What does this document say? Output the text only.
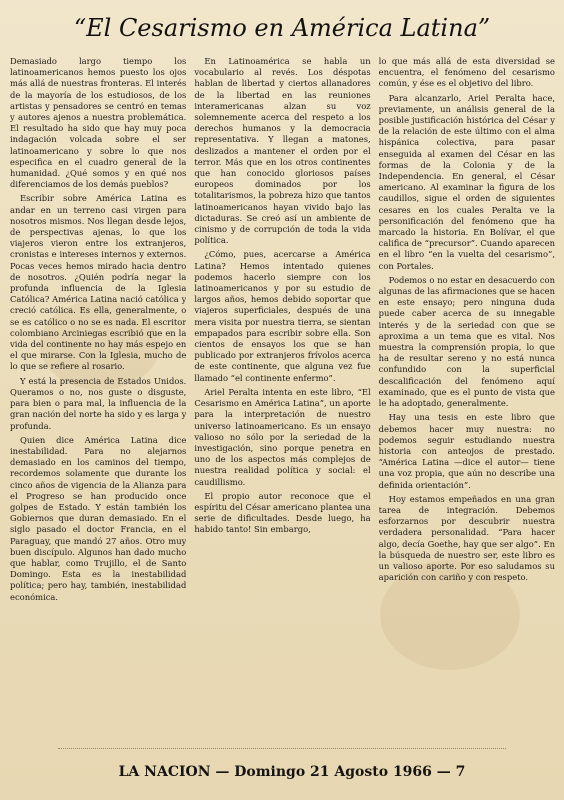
“El Cesarismo en América Latina”

Demasiado largo tiempo los latinoamericanos hemos puesto los ojos más allá de nuestras fronteras. El interés de la mayoría de los estudiosos, de los artistas y pensadores se centró en temas y autores ajenos a nuestra problemática. El resultado ha sido que hay muy poca indagación volcada sobre el ser latinoamericano y sobre lo que nos especifica en el cuadro general de la humanidad. ¿Qué somos y en qué nos diferenciamos de los demás pueblos?

Escribir sobre América Latina es andar en un terreno casi virgen para nosotros mismos. Nos llegan desde lejos, de perspectivas ajenas, lo que los viajeros vieron entre los extranjeros, cronistas e intereses internos y externos. Pocas veces hemos mirado hacia dentro de nosotros. ¿Quién podría negar la profunda influencia de la Iglesia Católica? América Latina nació católica y creció católica. Es ella, generalmente, o se es católico o no se es nada. El escritor colombiano Arciniegas escribió que en la vida del continente no hay más espejo en el que mirarse. Con la Iglesia, mucho de lo que se refiere al rosario.

Y está la presencia de Estados Unidos. Queramos o no, nos guste o disguste, para bien o para mal, la influencia de la gran nación del norte ha sido y es larga y profunda.

Quien dice América Latina dice inestabilidad. Para no alejarnos demasiado en los caminos del tiempo, recordemos solamente que durante los cinco años de vigencia de la Alianza para el Progreso se han producido once golpes de Estado. Y están también los Gobiernos que duran demasiado. En el siglo pasado el doctor Francia, en el Paraguay, que mandó 27 años. Otro muy buen discípulo. Algunos han dado mucho que hablar, como Trujillo, el de Santo Domingo. Esta es la inestabilidad política; pero hay, también, inestabilidad económica.

En Latinoamérica se habla un vocabulario al revés. Los déspotas hablan de libertad y ciertos allanadores de la libertad en las reuniones interamericanas alzan su voz solemnemente acerca del respeto a los derechos humanos y la democracia representativa. Y llegan a matones, deslizados a mantener el orden por el terror. Más que en los otros continentes que han conocido gloriosos países europeos dominados por los totalitarismos, la pobreza hizo que tantos latinoamericanos hayan vivido bajo las dictaduras. Se creó así un ambiente de cinismo y de corrupción de toda la vida política.

¿Cómo, pues, acercarse a América Latina? Hemos intentado quienes podemos hacerlo siempre con los latinoamericanos y por su estudio de largos años, hemos debido soportar que viajeros superficiales, después de una mera visita por nuestra tierra, se sientan empapados para escribir sobre ella. Son cientos de ensayos los que se han publicado por extranjeros frívolos acerca de este continente, que alguna vez fue llamado “el continente enfermo”.

Ariel Peralta intenta en este libro, “El Cesarismo en América Latina”, un aporte para la interpretación de nuestro universo latinoamericano. Es un ensayo valioso no sólo por la seriedad de la investigación, sino porque penetra en uno de los aspectos más complejos de nuestra realidad política y social: el caudillismo.

El propio autor reconoce que el espíritu del César americano plantea una serie de dificultades. Desde luego, ha habido tanto! Sin embargo,

lo que más allá de esta diversidad se encuentra, el fenómeno del cesarismo común, y ése es el objetivo del libro.

Para alcanzarlo, Ariel Peralta hace, previamente, un análisis general de la posible justificación histórica del César y de la relación de este último con el alma hispánica colectiva, para pasar enseguida al examen del César en las formas de la Colonia y de la Independencia. En general, el César americano. Al examinar la figura de los caudillos, sigue el orden de siguientes cesares en los cuales Peralta ve la personificación del fenómeno que ha marcado la historia. En Bolívar, el que califica de “precursor”. Cuando aparecen en el libro “en la vuelta del cesarismo”, con Portales.

Podemos o no estar en desacuerdo con algunas de las afirmaciones que se hacen en este ensayo; pero ninguna duda puede caber acerca de su innegable interés y de la seriedad con que se aproxima a un tema que es vital. Nos muestra la comprensión propia, lo que ha de resultar sereno y no está nunca confundido con la superficial descalificación del fenómeno aquí examinado, que es el punto de vista que le ha adoptado, generalmente.

Hay una tesis en este libro que debemos hacer muy nuestra: no podemos seguir estudiando nuestra historia con anteojos de prestado. “América Latina —dice el autor— tiene una voz propia, que aún no describe una definida orientación”.

Hoy estamos empeñados en una gran tarea de integración. Debemos esforzarnos por descubrir nuestra verdadera personalidad. “Para hacer algo, decía Goethe, hay que ser algo”. En la búsqueda de nuestro ser, este libro es un valioso aporte. Por eso saludamos su aparición con cariño y con respeto.

LA NACION — Domingo 21 Agosto 1966 — 7
